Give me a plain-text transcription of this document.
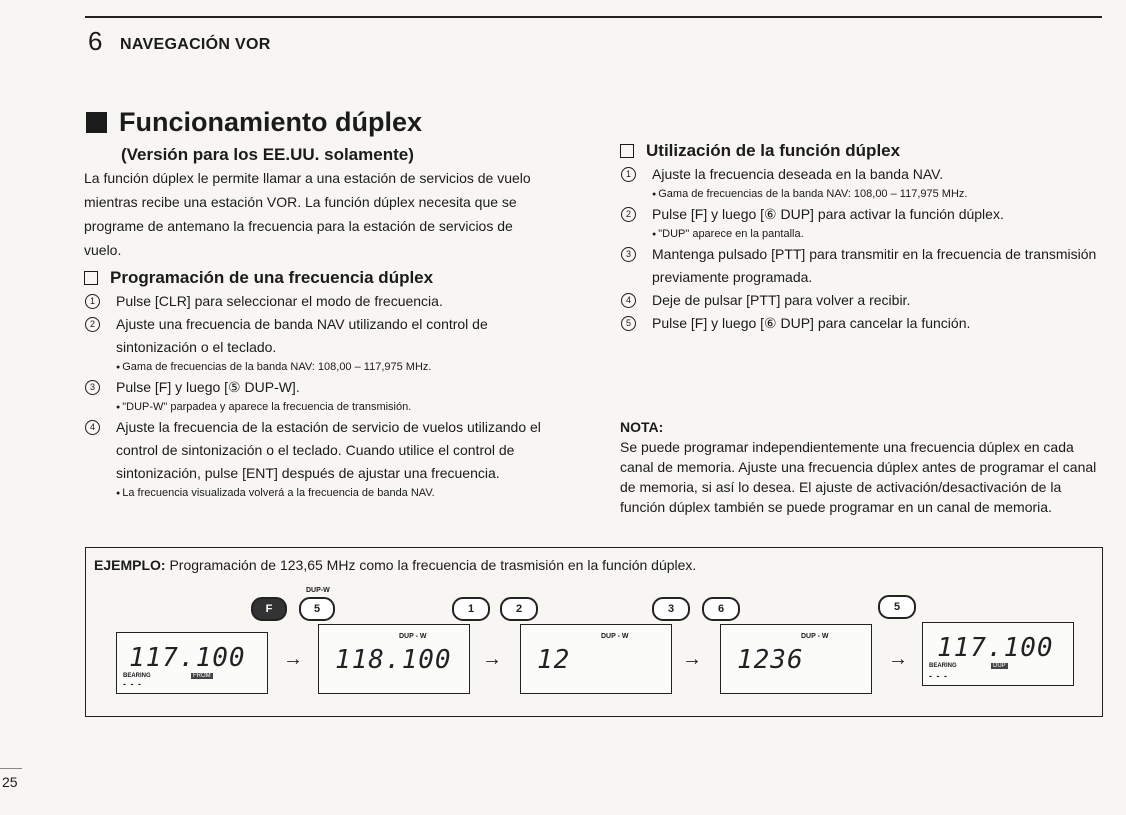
6 NAVEGACIÓN VOR
Funcionamiento dúplex
(Versión para los EE.UU. solamente)
La función dúplex le permite llamar a una estación de servicios de vuelo mientras recibe una estación VOR. La función dúplex necesita que se programe de antemano la frecuencia para la estación de servicios de vuelo.
Programación de una frecuencia dúplex
1	Pulse [CLR] para seleccionar el modo de frecuencia.
2	Ajuste una frecuencia de banda NAV utilizando el control de sintonización o el teclado.
● Gama de frecuencias de la banda NAV: 108,00 – 117,975 MHz.
3	Pulse [F] y luego [⑤ DUP-W].
● "DUP-W" parpadea y aparece la frecuencia de transmisión.
4	Ajuste la frecuencia de la estación de servicio de vuelos utilizando el control de sintonización o el teclado. Cuando utilice el control de sintonización, pulse [ENT] después de ajustar una frecuencia.
● La frecuencia visualizada volverá a la frecuencia de banda NAV.
Utilización de la función dúplex
1	Ajuste la frecuencia deseada en la banda NAV.
● Gama de frecuencias de la banda NAV: 108,00 – 117,975 MHz.
2	Pulse [F] y luego [⑥ DUP] para activar la función dúplex.
● "DUP" aparece en la pantalla.
3	Mantenga pulsado [PTT] para transmitir en la frecuencia de transmisión previamente programada.
4	Deje de pulsar [PTT] para volver a recibir.
5	Pulse [F] y luego [⑥ DUP] para cancelar la función.
NOTA:
Se puede programar independientemente una frecuencia dúplex en cada canal de memoria. Ajuste una frecuencia dúplex antes de programar el canal de memoria, si así lo desea. El ajuste de activación/desactivación de la función dúplex también se puede programar en un canal de memoria.
EJEMPLO: Programación de 123,65 MHz como la frecuencia de trasmisión en la función dúplex.
DUP-W
F	5	1	2	3	6	5
117.100
BEARING	FROM
- - -
→
DUP - W
118.100 →
DUP - W
12	→
DUP - W
1236	→ 117.100
BEARING	DUP
- - -
25
